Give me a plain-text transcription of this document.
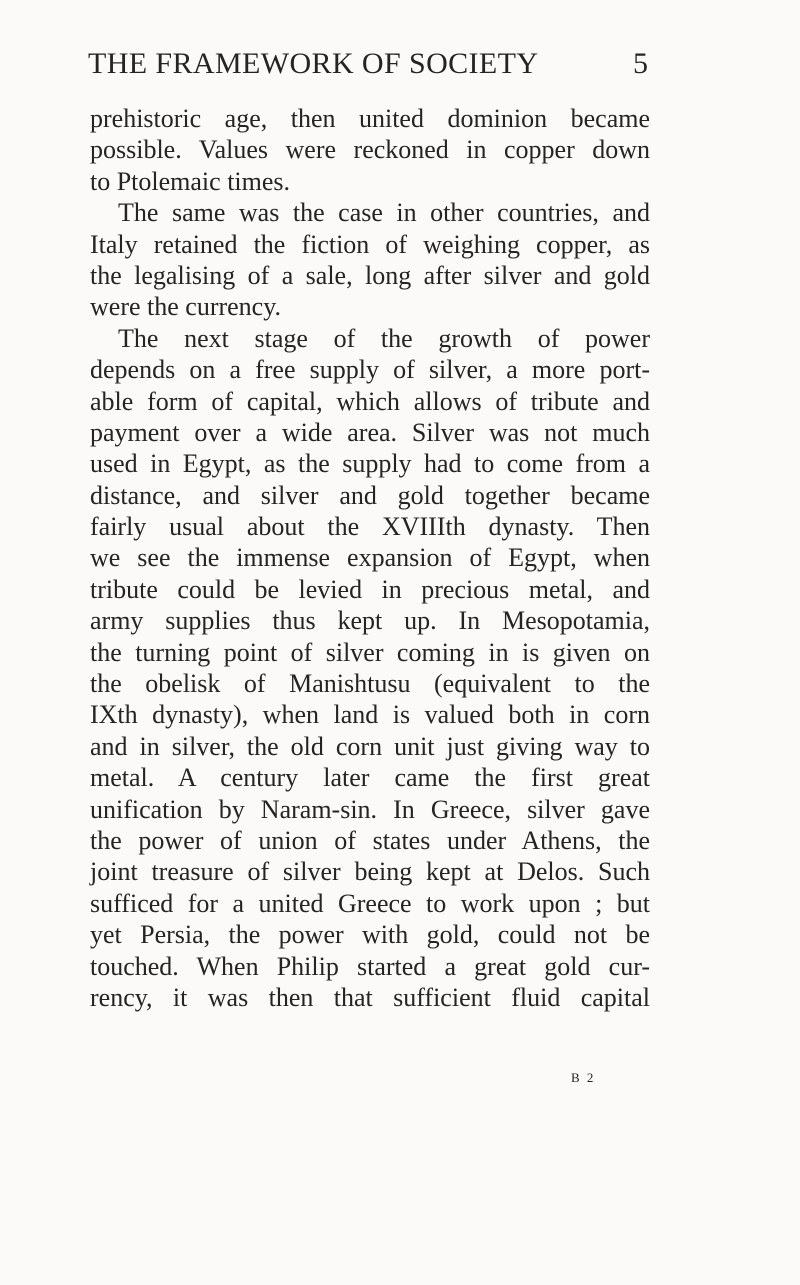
THE FRAMEWORK OF SOCIETY	5
prehistoric age, then united dominion became
possible. Values were reckoned in copper down
to Ptolemaic times.
The same was the case in other countries, and
Italy retained the fiction of weighing copper, as
the legalising of a sale, long after silver and gold
were the currency.
The next stage of the growth of power
depends on a free supply of silver, a more port-
able form of capital, which allows of tribute and
payment over a wide area. Silver was not much
used in Egypt, as the supply had to come from a
distance, and silver and gold together became
fairly usual about the XVIIIth dynasty. Then
we see the immense expansion of Egypt, when
tribute could be levied in precious metal, and
army supplies thus kept up. In Mesopotamia,
the turning point of silver coming in is given on
the obelisk of Manishtusu (equivalent to the
IXth dynasty), when land is valued both in corn
and in silver, the old corn unit just giving way to
metal. A century later came the first great
unification by Naram-sin. In Greece, silver gave
the power of union of states under Athens, the
joint treasure of silver being kept at Delos. Such
sufficed for a united Greece to work upon ; but
yet Persia, the power with gold, could not be
touched. When Philip started a great gold cur-
rency, it was then that sufficient fluid capital
B 2
